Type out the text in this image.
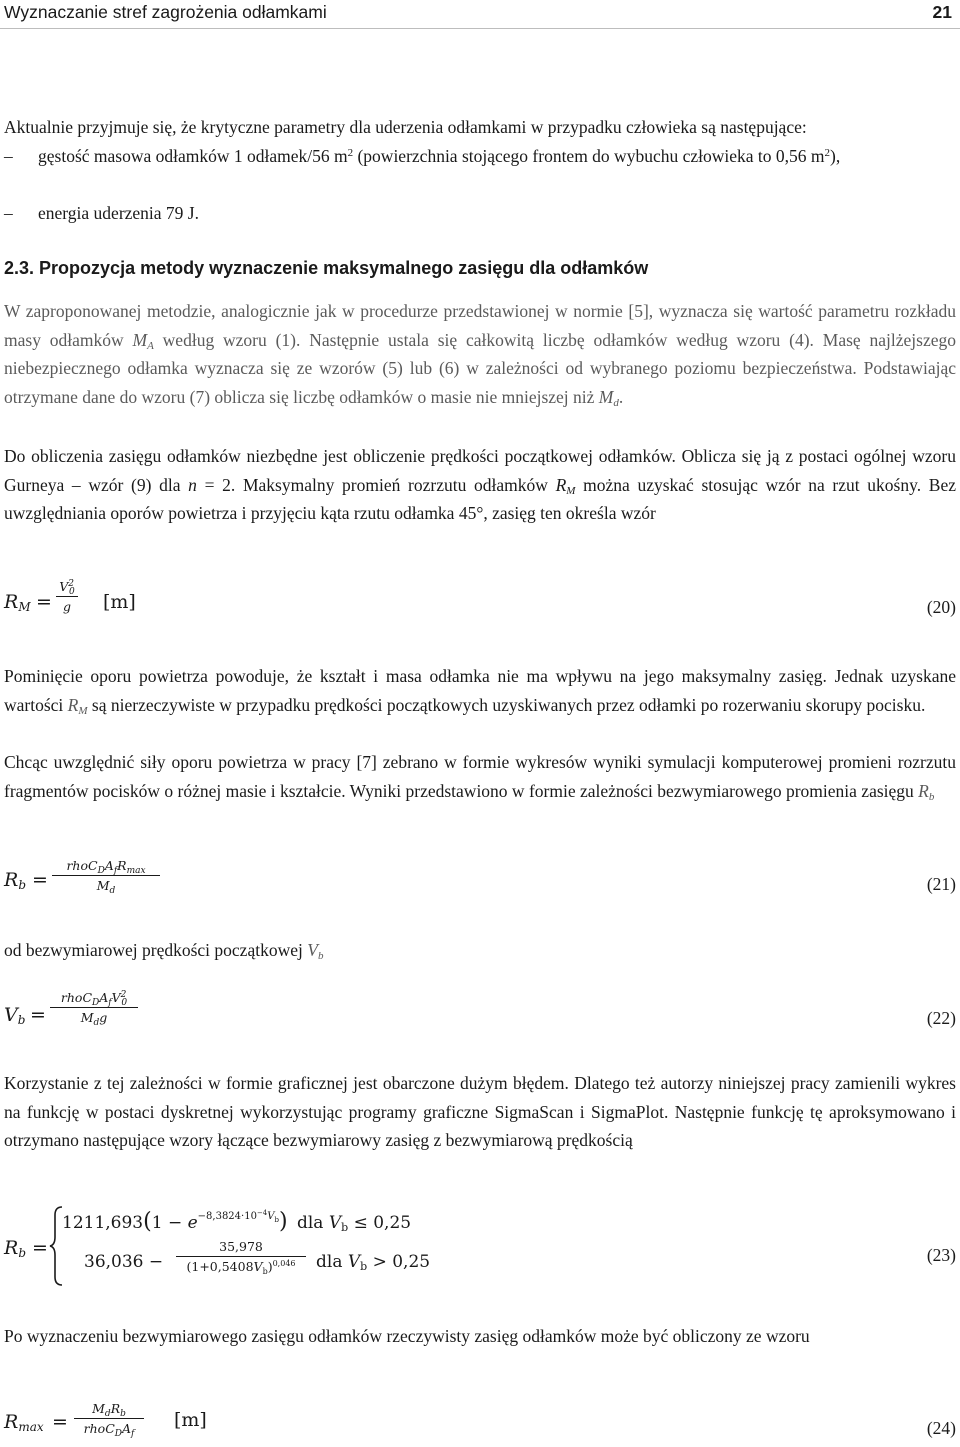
Wyznaczanie stref zagrożenia odłamkami	21
Aktualnie przyjmuje się, że krytyczne parametry dla uderzenia odłamkami w przypadku człowieka są następujące:
–	gęstość masowa odłamków 1 odłamek/56 $m^2$ (powierzchnia stojącego frontem do wybuchu człowieka to 0,56 $m^2$),
–	energia uderzenia 79 J.
2.3. Propozycja metody wyznaczenie maksymalnego zasięgu dla odłamków
W zaproponowanej metodzie, analogicznie jak w procedurze przedstawionej w normie [5], wyznacza się wartość parametru rozkładu masy odłamków $M_A$ według wzoru (1). Następnie ustala się całkowitą liczbę odłamków według wzoru (4). Masę najlżejszego niebezpiecznego odłamka wyznacza się ze wzorów (5) lub (6) w zależności od wybranego poziomu bezpieczeństwa. Podstawiając otrzymane dane do wzoru (7) oblicza się liczbę odłamków o masie nie mniejszej niż $M_d$.
Do obliczenia zasięgu odłamków niezbędne jest obliczenie prędkości początkowej odłamków. Oblicza się ją z postaci ogólnej wzoru Gurneya – wzór (9) dla n = 2. Maksymalny promień rozrzutu odłamków $R_M$ można uzyskać stosując wzór na rzut ukośny. Bez uwzględniania oporów powietrza i przyjęciu kąta rzutu odłamka 45°, zasięg ten określa wzór
$R_M$ =
$V^2_0$
g	[m]	(20)
Pominięcie oporu powietrza powoduje, że kształt i masa odłamka nie ma wpływu na jego maksymalny zasięg. Jednak uzyskane wartości $R_M$ są nierzeczywiste w przypadku prędkości początkowych uzyskiwanych przez odłamki po rozerwaniu skorupy pocisku.
Chcąc uwzględnić siły oporu powietrza w pracy [7] zebrano w formie wykresów wyniki symulacji komputerowej promieni rozrzutu fragmentów pocisków o różnej masie i kształcie. Wyniki przedstawiono w formie zależności bezwymiarowego promienia zasięgu $R_b$
$R_b$ =
$rhoC_DA_fR_{max}$
$M_d$	(21)
od bezwymiarowej prędkości początkowej $V_b$
$V_b$ =
$rhoC_DA_fV^2_0$
$M_dg$	(22)
Korzystanie z tej zależności w formie graficznej jest obarczone dużym błędem. Dlatego też autorzy niniejszej pracy zamienili wykres na funkcję w postaci dyskretnej wykorzystując programy graficzne SigmaScan i SigmaPlot. Następnie funkcję tę aproksymowano i otrzymano następujące wzory łączące bezwymiarowy zasięg z bezwymiarową prędkością
$R_b$ =
$1211,693(1 - e^{-8,3824\cdot 10^{-4}V_b})$ dla $V_b \le 0,25$
36,036 −
35,978
$(1+0,5408V_b)^{0,046}$	dla $V_b > 0,25$	(23)
Po wyznaczeniu bezwymiarowego zasięgu odłamków rzeczywisty zasięg odłamków może być obliczony ze wzoru
$R_{max}$ =
$M_dR_b$
$rhoC_DA_f$
[m]	(24)
